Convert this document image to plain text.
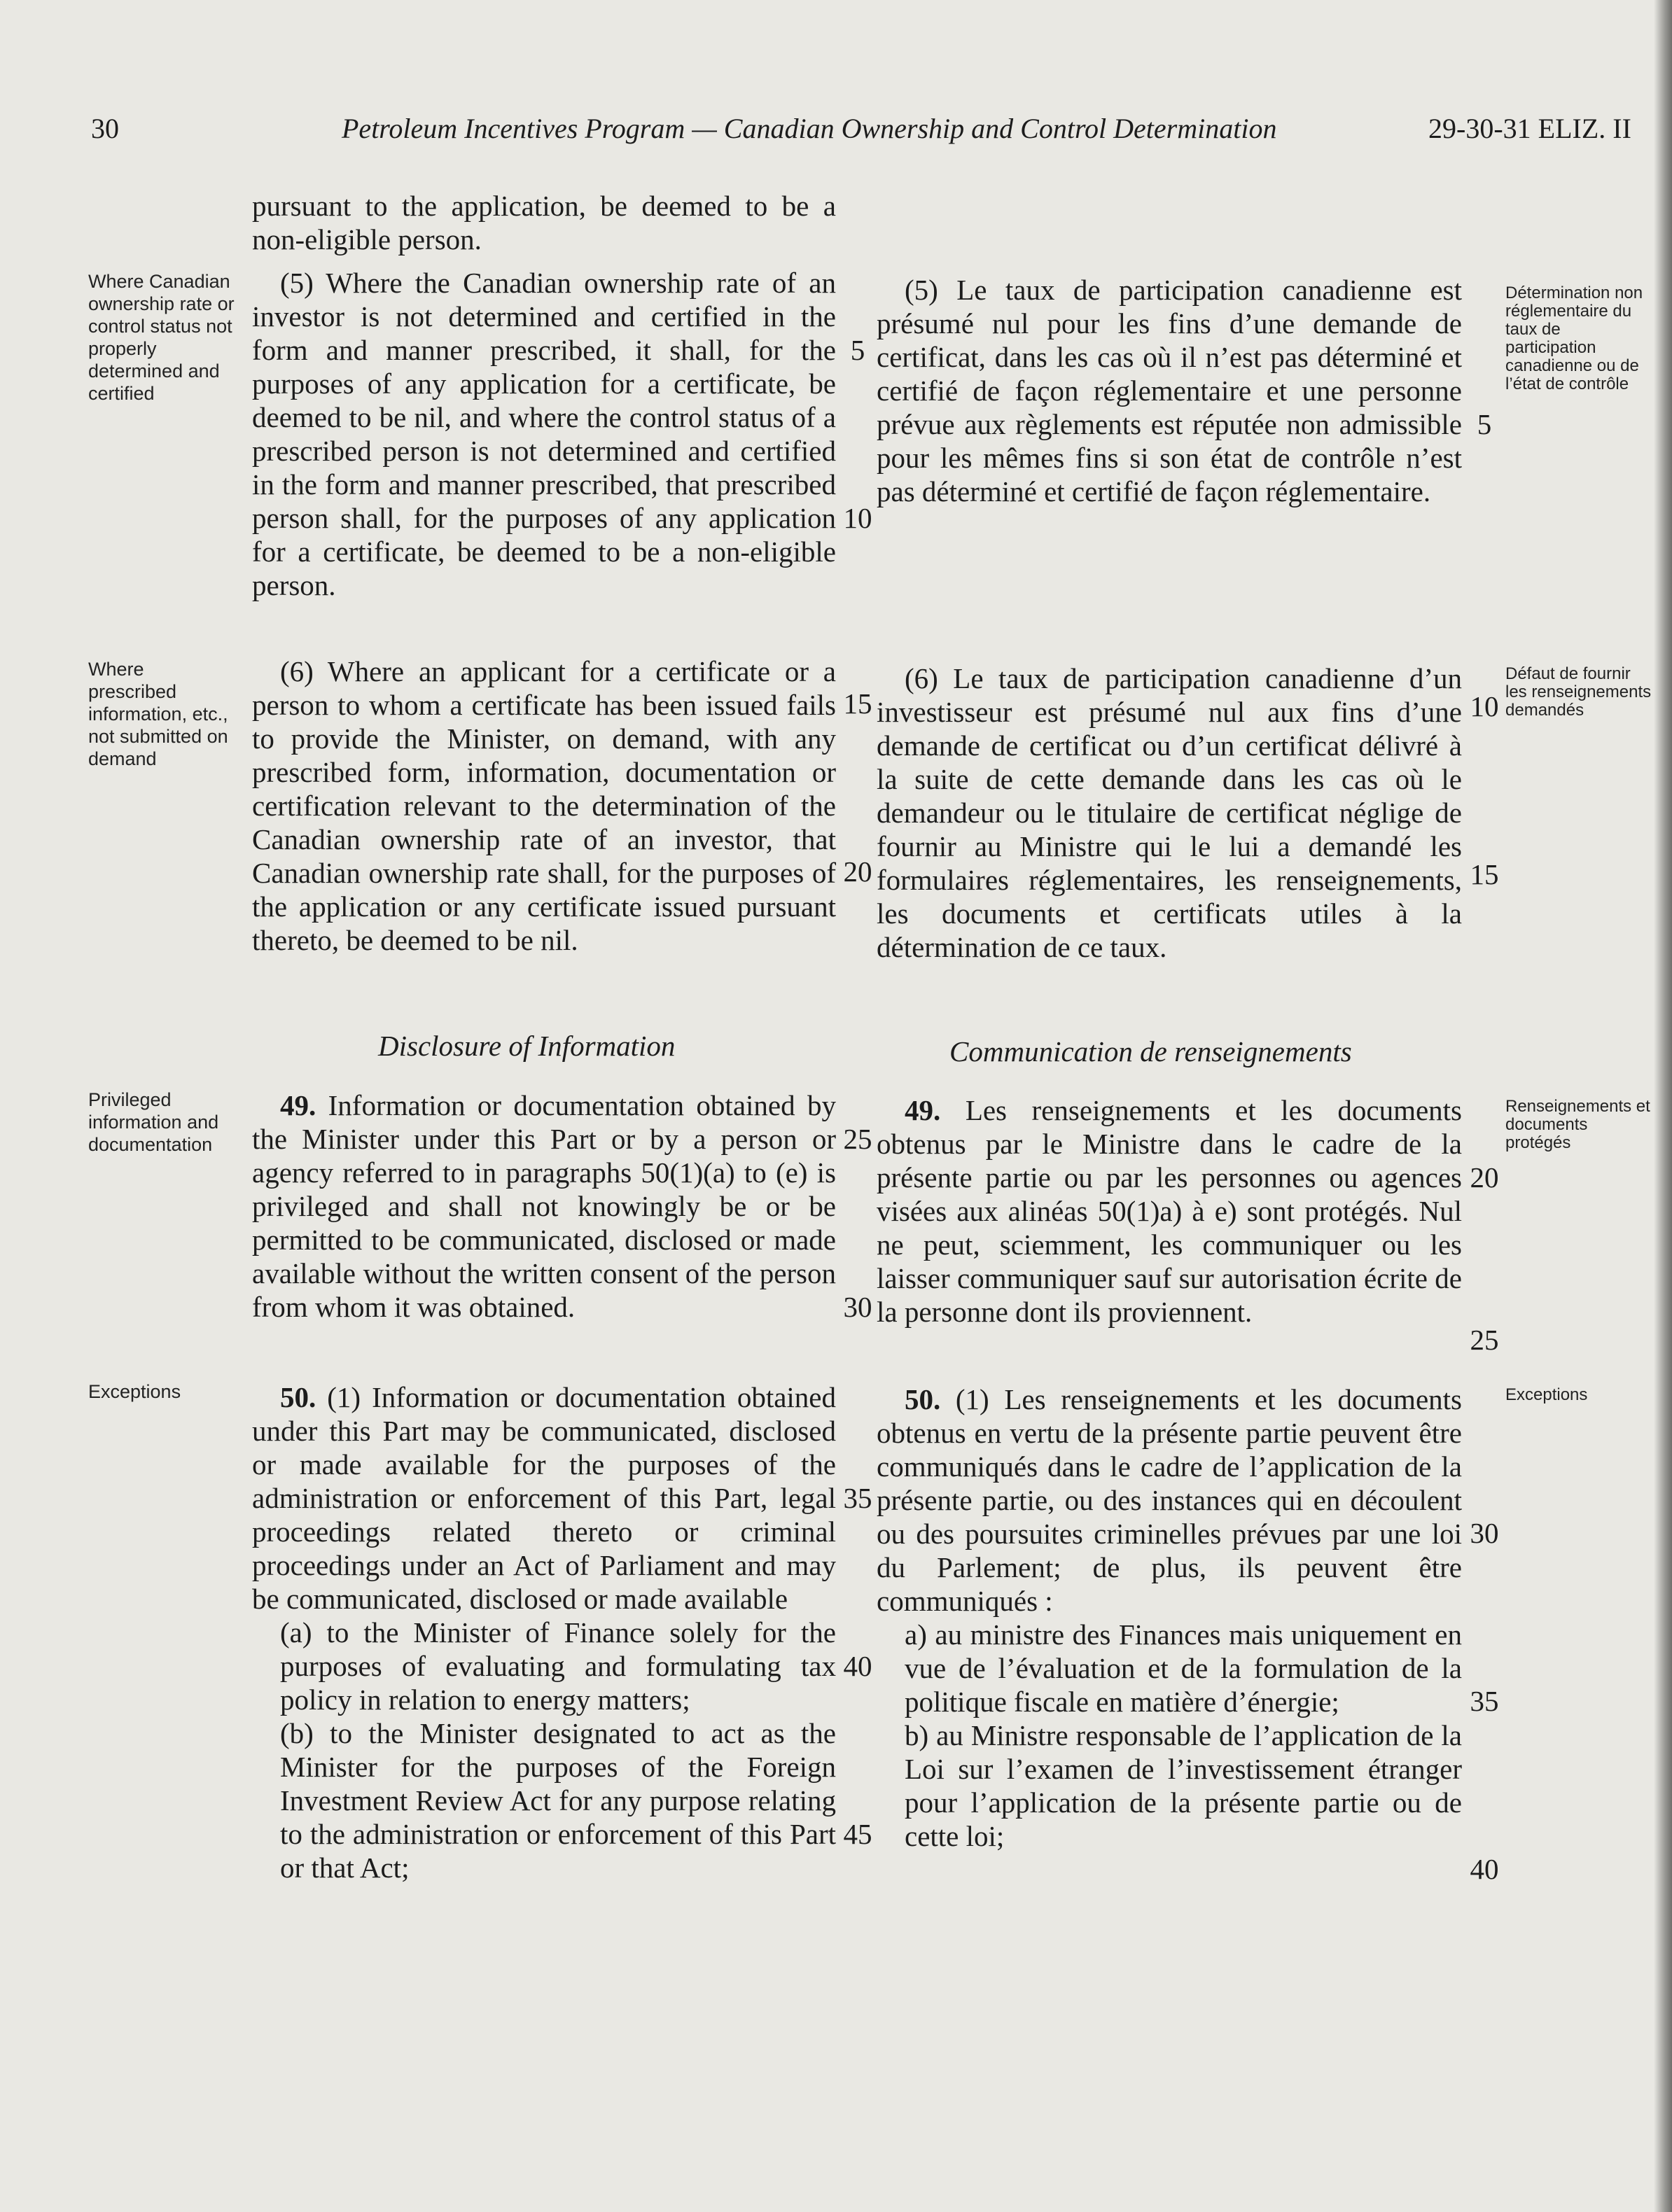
30	Petroleum Incentives Program — Canadian Ownership and Control Determination	29-30-31 ELIZ. II
Where Canadian ownership rate or control status not properly determined and certified
Where prescribed information, etc., not submitted on demand
Privileged information and documentation
Exceptions
Détermination non réglementaire du taux de participation canadienne ou de l’état de contrôle
Défaut de fournir les renseignements demandés
Renseignements et documents protégés
Exceptions

pursuant to the application, be deemed to be a non-eligible person.

(5) Where the Canadian ownership rate of an investor is not determined and certified in the form and manner prescribed, it shall, for the purposes of any application for a certificate, be deemed to be nil, and where the control status of a prescribed person is not determined and certified in the form and manner prescribed, that prescribed person shall, for the purposes of any application for a certificate, be deemed to be a non-eligible person.

(6) Where an applicant for a certificate or a person to whom a certificate has been issued fails to provide the Minister, on demand, with any prescribed form, information, documentation or certification relevant to the determination of the Canadian ownership rate of an investor, that Canadian ownership rate shall, for the purposes of the application or any certificate issued pursuant thereto, be deemed to be nil.

Disclosure of Information

49. Information or documentation obtained by the Minister under this Part or by a person or agency referred to in paragraphs 50(1)(a) to (e) is privileged and shall not knowingly be or be permitted to be communicated, disclosed or made available without the written consent of the person from whom it was obtained.

50. (1) Information or documentation obtained under this Part may be communicated, disclosed or made available for the purposes of the administration or enforcement of this Part, legal proceedings related thereto or criminal proceedings under an Act of Parliament and may be communicated, disclosed or made available

(a) to the Minister of Finance solely for the purposes of evaluating and formulating tax policy in relation to energy matters;

(b) to the Minister designated to act as the Minister for the purposes of the Foreign Investment Review Act for any purpose relating to the administration or enforcement of this Part or that Act;

(5) Le taux de participation canadienne est présumé nul pour les fins d’une demande de certificat, dans les cas où il n’est pas déterminé et certifié de façon réglementaire et une personne prévue aux règlements est réputée non admissible pour les mêmes fins si son état de contrôle n’est pas déterminé et certifié de façon réglementaire.

(6) Le taux de participation canadienne d’un investisseur est présumé nul aux fins d’une demande de certificat ou d’un certificat délivré à la suite de cette demande dans les cas où le demandeur ou le titulaire de certificat néglige de fournir au Ministre qui le lui a demandé les formulaires réglementaires, les renseignements, les documents et certificats utiles à la détermination de ce taux.

Communication de renseignements

49. Les renseignements et les documents obtenus par le Ministre dans le cadre de la présente partie ou par les personnes ou agences visées aux alinéas 50(1)a) à e) sont protégés. Nul ne peut, sciemment, les communiquer ou les laisser communiquer sauf sur autorisation écrite de la personne dont ils proviennent.

50. (1) Les renseignements et les documents obtenus en vertu de la présente partie peuvent être communiqués dans le cadre de l’application de la présente partie, ou des instances qui en découlent ou des poursuites criminelles prévues par une loi du Parlement; de plus, ils peuvent être communiqués :

a) au ministre des Finances mais uniquement en vue de l’évaluation et de la formulation de la politique fiscale en matière d’énergie;

b) au Ministre responsable de l’application de la Loi sur l’examen de l’investissement étranger pour l’application de la présente partie ou de cette loi;

5
10
15
20
25
30
35
40
45
5
10
15
20
25
30
35
40
